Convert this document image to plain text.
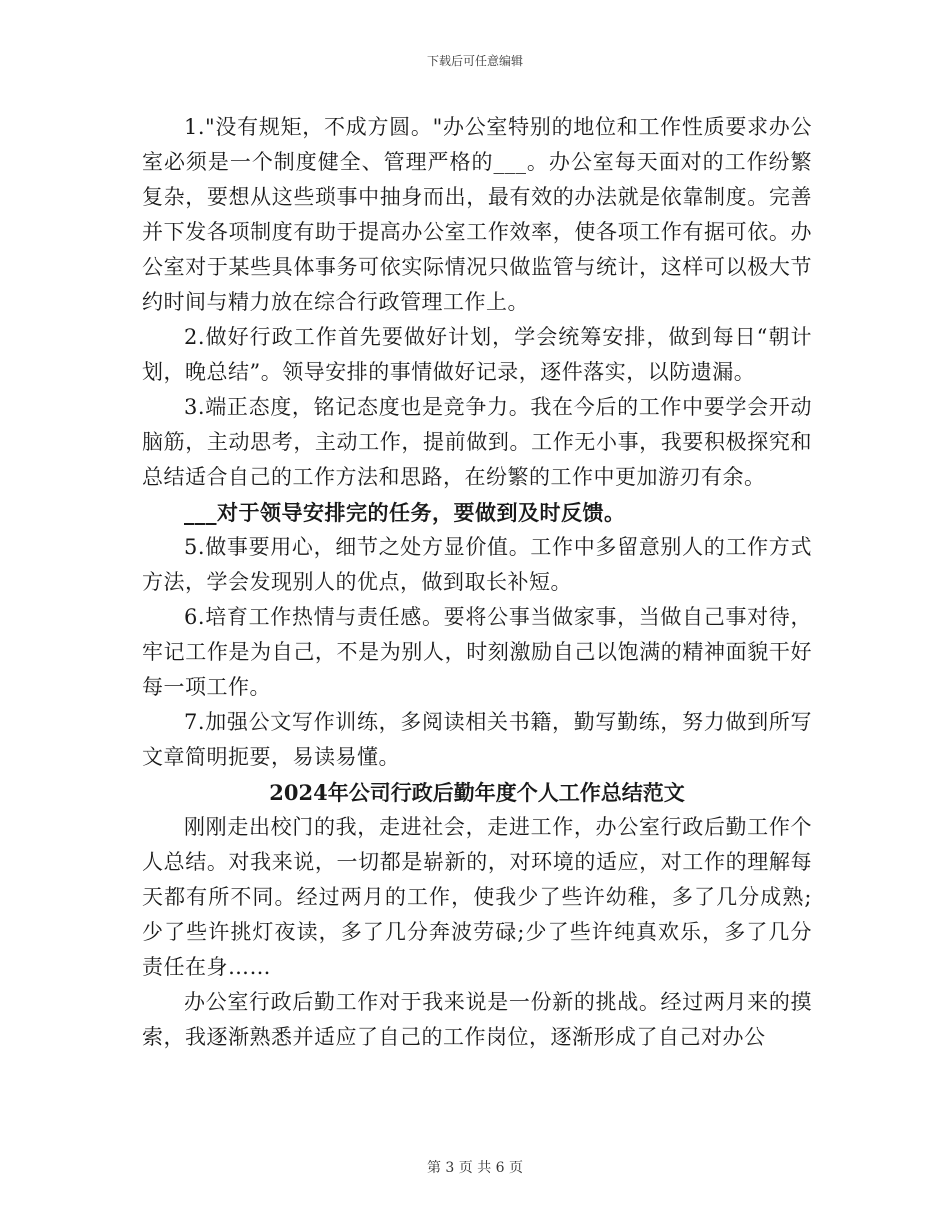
下载后可任意编辑

1."没有规矩，不成方圆。"办公室特别的地位和工作性质要求办公室必须是一个制度健全、管理严格的___。办公室每天面对的工作纷繁复杂，要想从这些琐事中抽身而出，最有效的办法就是依靠制度。完善并下发各项制度有助于提高办公室工作效率，使各项工作有据可依。办公室对于某些具体事务可依实际情况只做监管与统计，这样可以极大节约时间与精力放在综合行政管理工作上。

2.做好行政工作首先要做好计划，学会统筹安排，做到每日“朝计划，晚总结”。领导安排的事情做好记录，逐件落实，以防遗漏。

3.端正态度，铭记态度也是竞争力。我在今后的工作中要学会开动脑筋，主动思考，主动工作，提前做到。工作无小事，我要积极探究和总结适合自己的工作方法和思路，在纷繁的工作中更加游刃有余。

___对于领导安排完的任务，要做到及时反馈。

5.做事要用心，细节之处方显价值。工作中多留意别人的工作方式方法，学会发现别人的优点，做到取长补短。

6.培育工作热情与责任感。要将公事当做家事，当做自己事对待，牢记工作是为自己，不是为别人，时刻激励自己以饱满的精神面貌干好每一项工作。

7.加强公文写作训练，多阅读相关书籍，勤写勤练，努力做到所写文章简明扼要，易读易懂。

2024年公司行政后勤年度个人工作总结范文

刚刚走出校门的我，走进社会，走进工作，办公室行政后勤工作个人总结。对我来说，一切都是崭新的，对环境的适应，对工作的理解每天都有所不同。经过两月的工作，使我少了些许幼稚，多了几分成熟;少了些许挑灯夜读，多了几分奔波劳碌;少了些许纯真欢乐，多了几分责任在身……

办公室行政后勤工作对于我来说是一份新的挑战。经过两月来的摸索，我逐渐熟悉并适应了自己的工作岗位，逐渐形成了自己对办公

第 3 页 共 6 页
